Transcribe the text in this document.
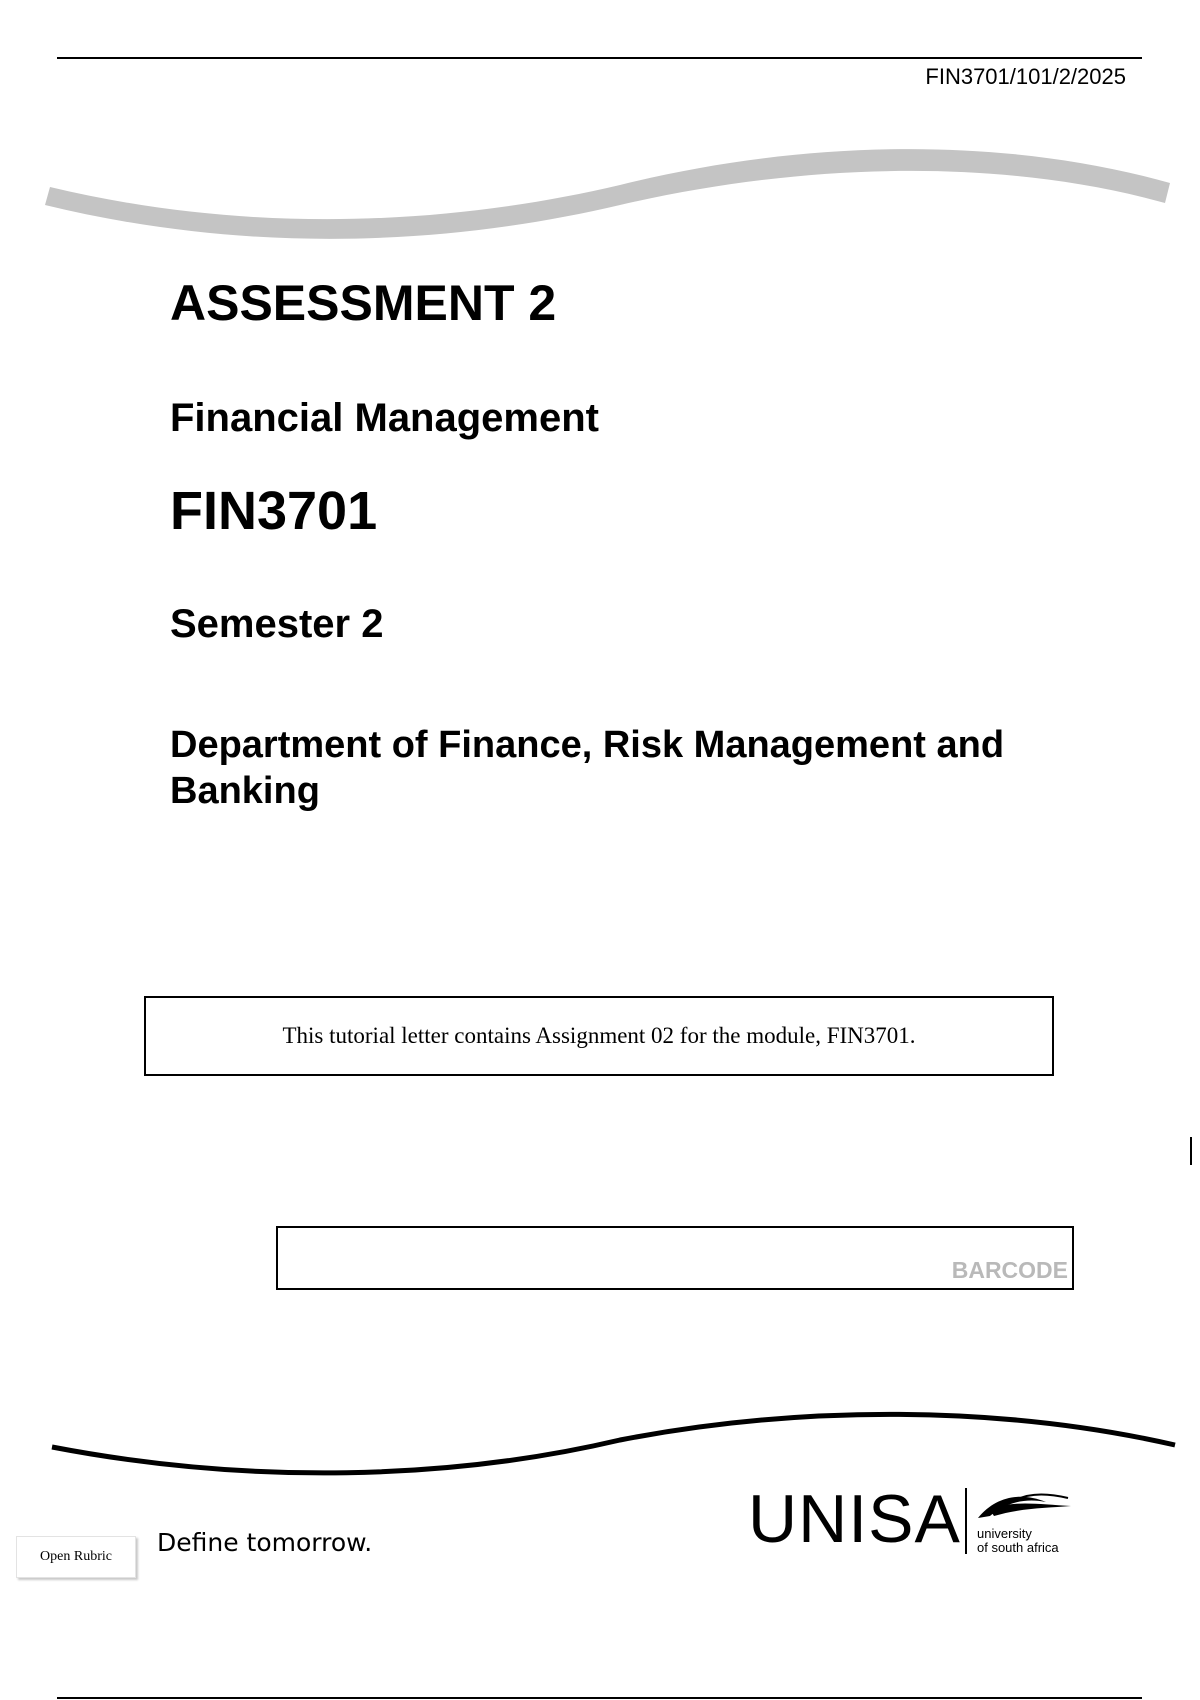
FIN3701/101/2/2025
ASSESSMENT 2
Financial Management
FIN3701
Semester 2
Department of Finance, Risk Management and Banking
This tutorial letter contains Assignment 02 for the module, FIN3701.
BARCODE
Open Rubric Define tomorrow.	UNISA university
of south africa
